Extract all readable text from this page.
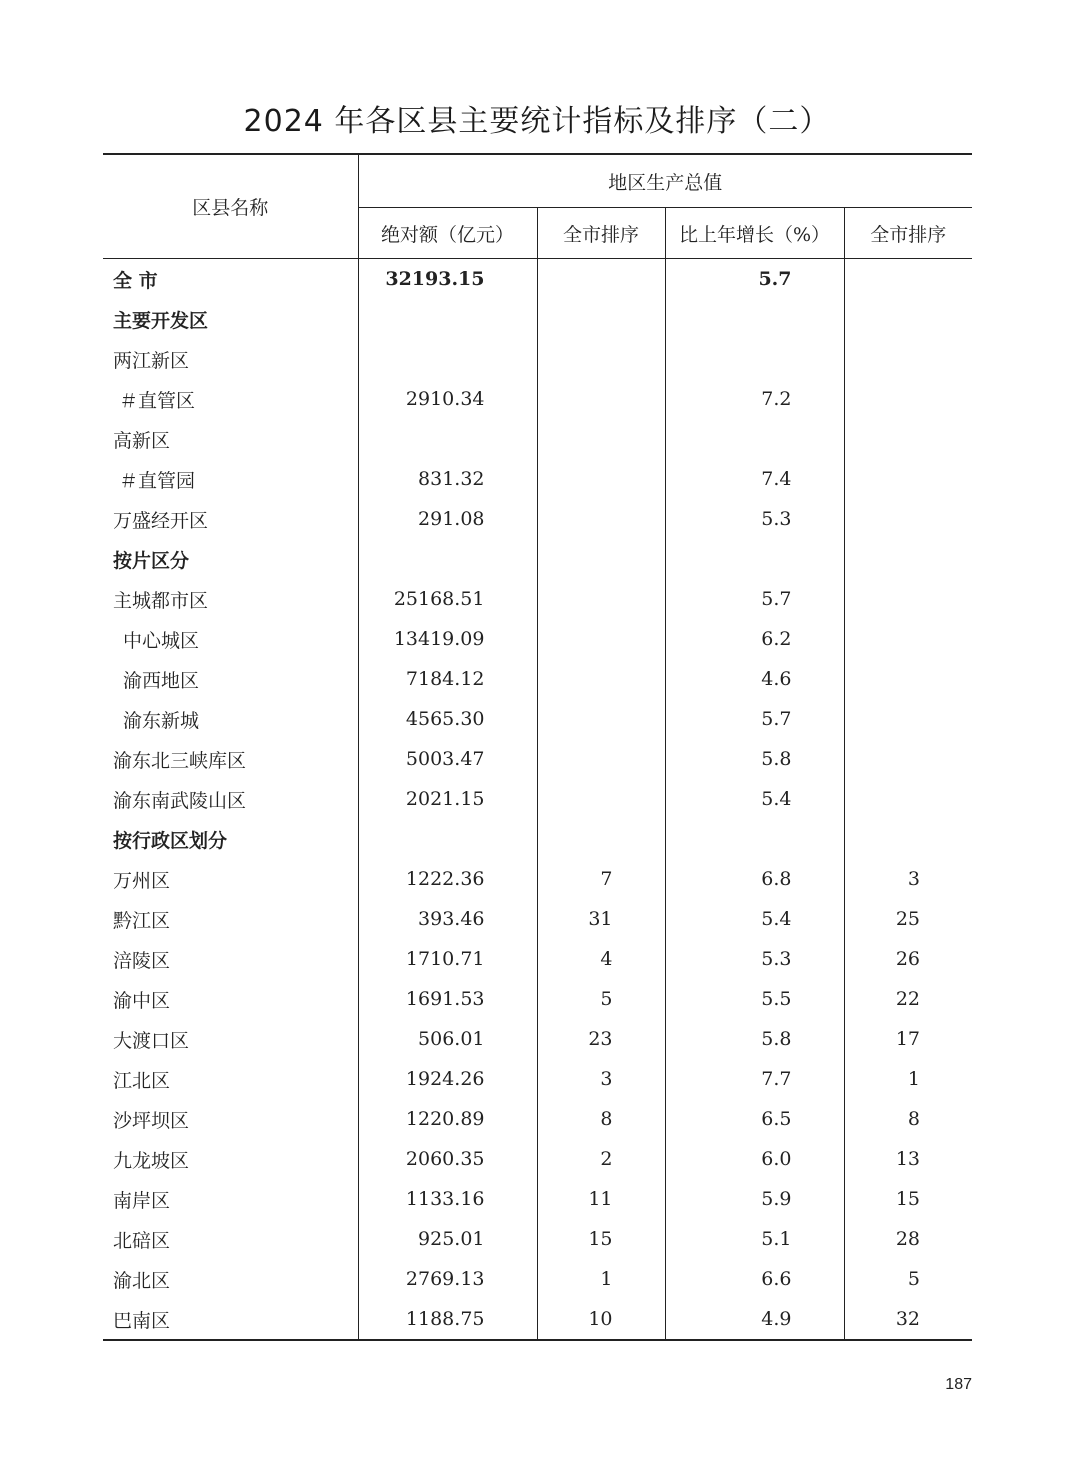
2024 年各区县主要统计指标及排序（二）
区县名称	地区生产总值			
	绝对额（亿元）	全市排序	比上年增长（%）	全市排序
全 市	32193.15		5.7	
主要开发区				
两江新区				
＃直管区	2910.34		7.2	
高新区				
＃直管园	831.32		7.4	
万盛经开区	291.08		5.3	
按片区分				
主城都市区	25168.51		5.7	
中心城区	13419.09		6.2	
渝西地区	7184.12		4.6	
渝东新城	4565.30		5.7	
渝东北三峡库区	5003.47		5.8	
渝东南武陵山区	2021.15		5.4	
按行政区划分				
万州区	1222.36	7	6.8	3
黔江区	393.46	31	5.4	25
涪陵区	1710.71	4	5.3	26
渝中区	1691.53	5	5.5	22
大渡口区	506.01	23	5.8	17
江北区	1924.26	3	7.7	1
沙坪坝区	1220.89	8	6.5	8
九龙坡区	2060.35	2	6.0	13
南岸区	1133.16	11	5.9	15
北碚区	925.01	15	5.1	28
渝北区	2769.13	1	6.6	5
巴南区	1188.75	10	4.9	32
187
